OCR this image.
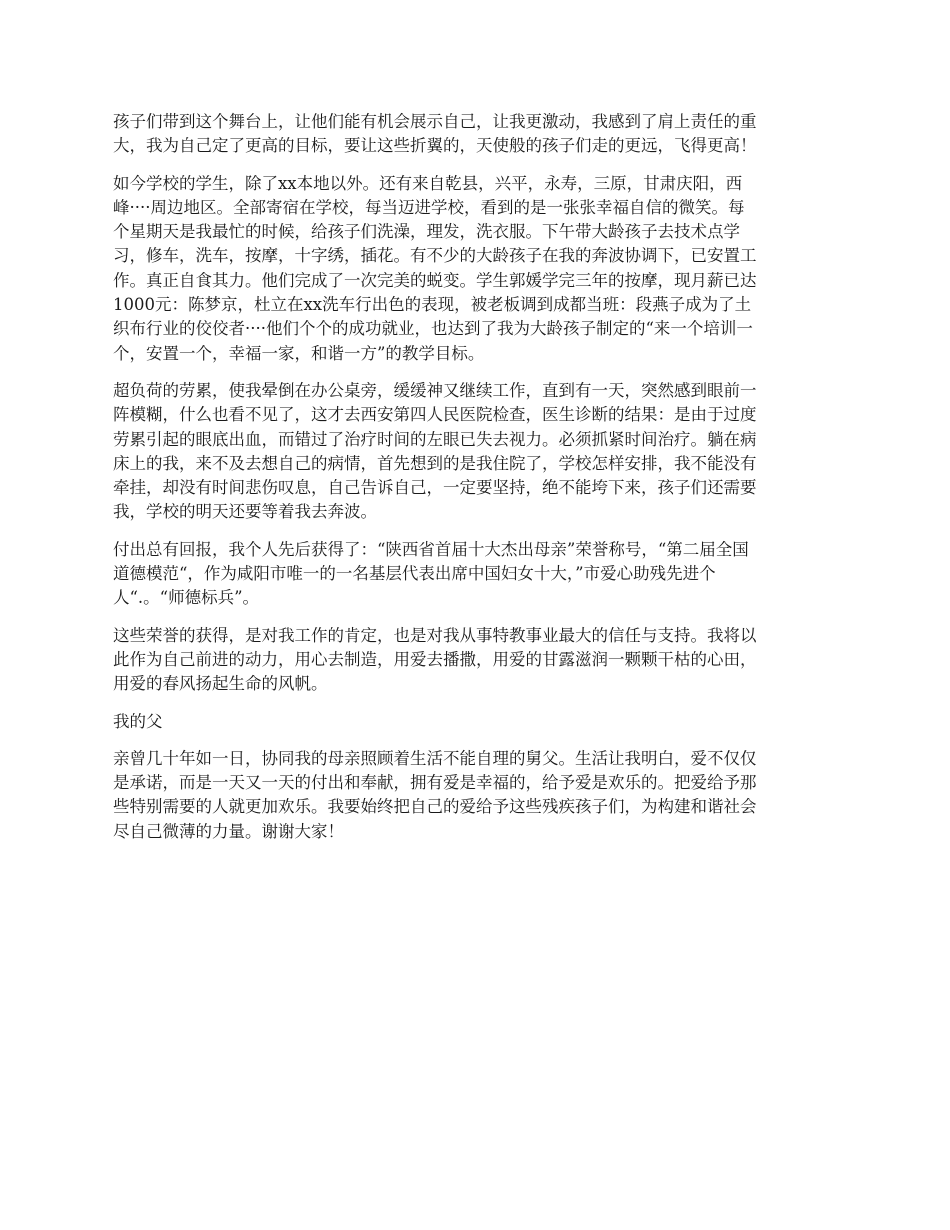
孩子们带到这个舞台上，让他们能有机会展示自己，让我更激动，我感到了肩上责任的重
大，我为自己定了更高的目标，要让这些折翼的，天使般的孩子们走的更远，飞得更高！

如今学校的学生，除了xx本地以外。还有来自乾县，兴平，永寿，三原，甘肃庆阳，西
峰····周边地区。全部寄宿在学校，每当迈进学校，看到的是一张张幸福自信的微笑。每
个星期天是我最忙的时候，给孩子们洗澡，理发，洗衣服。下午带大龄孩子去技术点学
习，修车，洗车，按摩，十字绣，插花。有不少的大龄孩子在我的奔波协调下，已安置工
作。真正自食其力。他们完成了一次完美的蜕变。学生郭媛学完三年的按摩，现月薪已达
1000元：陈梦京，杜立在xx洗车行出色的表现，被老板调到成都当班：段燕子成为了土
织布行业的佼佼者····他们个个的成功就业，也达到了我为大龄孩子制定的“来一个培训一
个，安置一个，幸福一家，和谐一方”的教学目标。

超负荷的劳累，使我晕倒在办公桌旁，缓缓神又继续工作，直到有一天，突然感到眼前一
阵模糊，什么也看不见了，这才去西安第四人民医院检查，医生诊断的结果：是由于过度
劳累引起的眼底出血，而错过了治疗时间的左眼已失去视力。必须抓紧时间治疗。躺在病
床上的我，来不及去想自己的病情，首先想到的是我住院了，学校怎样安排，我不能没有
牵挂，却没有时间悲伤叹息，自己告诉自己，一定要坚持，绝不能垮下来，孩子们还需要
我，学校的明天还要等着我去奔波。

付出总有回报，我个人先后获得了：“陕西省首届十大杰出母亲”荣誉称号，“第二届全国
道德模范“，作为咸阳市唯一的一名基层代表出席中国妇女十大，”市爱心助残先进个
人“.。“师德标兵”。

这些荣誉的获得，是对我工作的肯定，也是对我从事特教事业最大的信任与支持。我将以
此作为自己前进的动力，用心去制造，用爱去播撒，用爱的甘露滋润一颗颗干枯的心田，
用爱的春风扬起生命的风帆。

我的父

亲曾几十年如一日，协同我的母亲照顾着生活不能自理的舅父。生活让我明白，爱不仅仅
是承诺，而是一天又一天的付出和奉献，拥有爱是幸福的，给予爱是欢乐的。把爱给予那
些特别需要的人就更加欢乐。我要始终把自己的爱给予这些残疾孩子们，为构建和谐社会
尽自己微薄的力量。谢谢大家！
